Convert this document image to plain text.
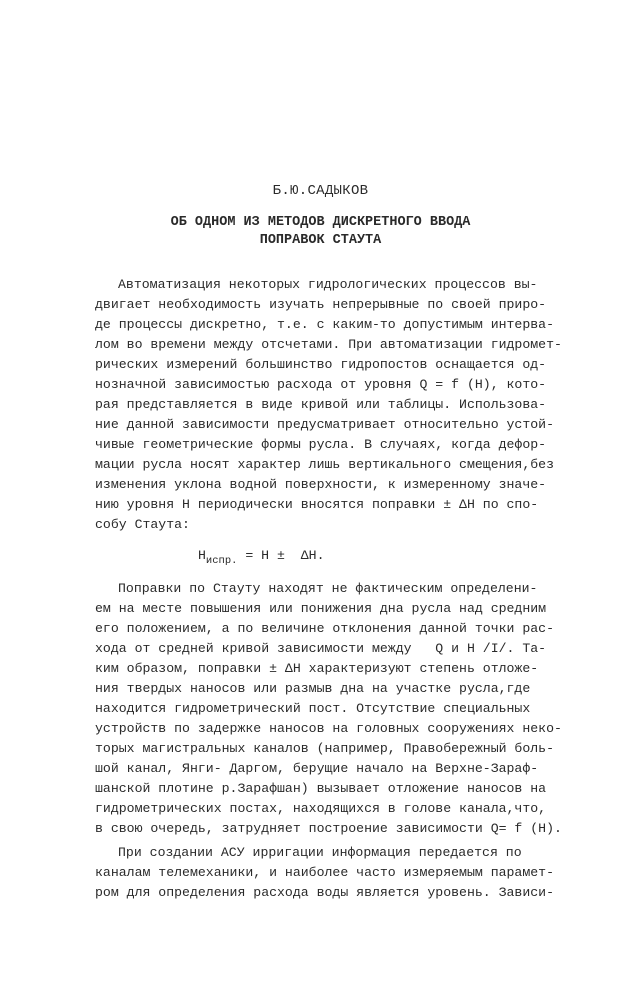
Б.Ю.САДЫКОВ

ОБ ОДНОМ ИЗ МЕТОДОВ ДИСКРЕТНОГО ВВОДА
ПОПРАВОК СТАУТА

Автоматизация некоторых гидрологических процессов вы-

двигает необходимость изучать непрерывные по своей приро-

де процессы дискретно, т.е. с каким-то допустимым интерва-

лом во времени между отсчетами. При автоматизации гидромет-

рических измерений большинство гидропостов оснащается од-

нозначной зависимостью расхода от уровня Q = f (H), кото-

рая представляется в виде кривой или таблицы. Использова-

ние данной зависимости предусматривает относительно устой-

чивые геометрические формы русла. В случаях, когда дефор-

мации русла носят характер лишь вертикального смещения,без

изменения уклона водной поверхности, к измеренному значе-

нию уровня Н периодически вносятся поправки ± ΔН по спо-

собу Стаута:

$H_{испр.} = H \pm \Delta H$.

Поправки по Стауту находят не фактическим определени-

ем на месте повышения или понижения дна русла над средним

его положением, а по величине отклонения данной точки рас-

хода от средней кривой зависимости между   Q и H /I/. Та-

ким образом, поправки ± ΔН характеризуют степень отложе-

ния твердых наносов или размыв дна на участке русла,где

находится гидрометрический пост. Отсутствие специальных

устройств по задержке наносов на головных сооружениях неко-

торых магистральных каналов (например, Правобережный боль-

шой канал, Янги- Даргом, берущие начало на Верхне-Зараф-

шанской плотине р.Зарафшан) вызывает отложение наносов на

гидрометрических постах, находящихся в голове канала,что,

в свою очередь, затрудняет построение зависимости Q= f (H).

При создании АСУ ирригации информация передается по

каналам телемеханики, и наиболее часто измеряемым парамет-

ром для определения расхода воды является уровень. Зависи-
